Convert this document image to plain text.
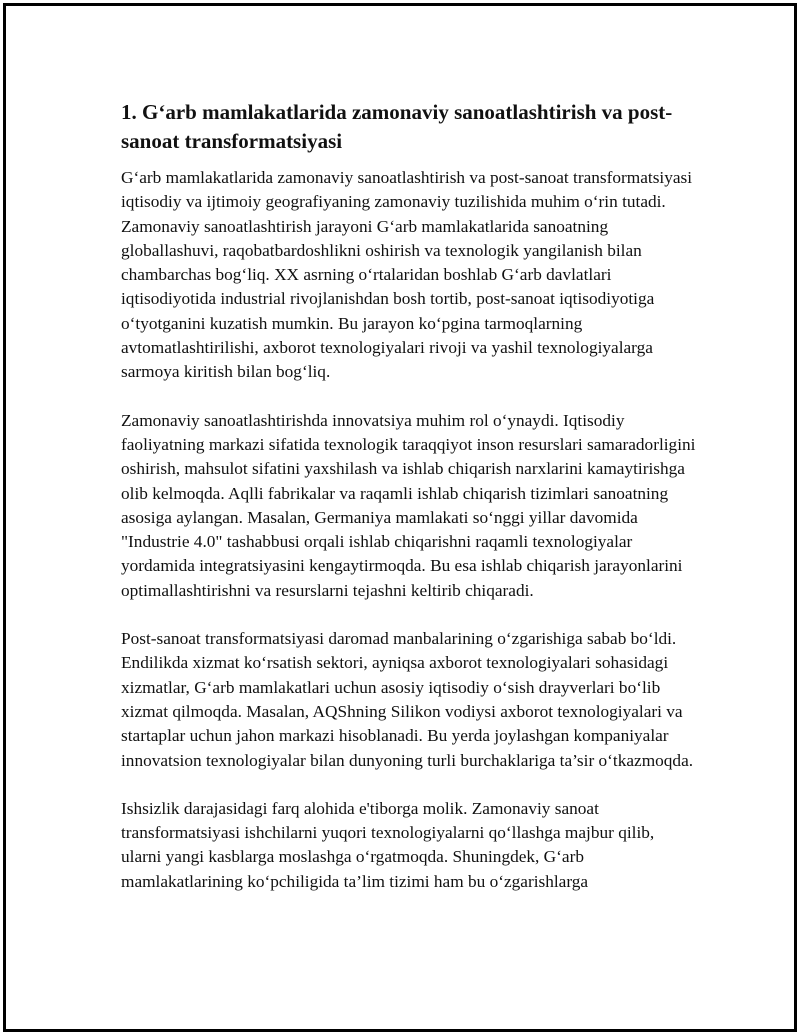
1. G‘arb mamlakatlarida zamonaviy sanoatlashtirish va post-sanoat transformatsiyasi

G‘arb mamlakatlarida zamonaviy sanoatlashtirish va post-sanoat transformatsiyasi iqtisodiy va ijtimoiy geografiyaning zamonaviy tuzilishida muhim o‘rin tutadi. Zamonaviy sanoatlashtirish jarayoni G‘arb mamlakatlarida sanoatning globallashuvi, raqobatbardoshlikni oshirish va texnologik yangilanish bilan chambarchas bog‘liq. XX asrning o‘rtalaridan boshlab G‘arb davlatlari iqtisodiyotida industrial rivojlanishdan bosh tortib, post-sanoat iqtisodiyotiga o‘tyotganini kuzatish mumkin. Bu jarayon ko‘pgina tarmoqlarning avtomatlashtirilishi, axborot texnologiyalari rivoji va yashil texnologiyalarga sarmoya kiritish bilan bog‘liq.

Zamonaviy sanoatlashtirishda innovatsiya muhim rol o‘ynaydi. Iqtisodiy faoliyatning markazi sifatida texnologik taraqqiyot inson resurslari samaradorligini oshirish, mahsulot sifatini yaxshilash va ishlab chiqarish narxlarini kamaytirishga olib kelmoqda. Aqlli fabrikalar va raqamli ishlab chiqarish tizimlari sanoatning asosiga aylangan. Masalan, Germaniya mamlakati so‘nggi yillar davomida "Industrie 4.0" tashabbusi orqali ishlab chiqarishni raqamli texnologiyalar yordamida integratsiyasini kengaytirmoqda. Bu esa ishlab chiqarish jarayonlarini optimallashtirishni va resurslarni tejashni keltirib chiqaradi.

Post-sanoat transformatsiyasi daromad manbalarining o‘zgarishiga sabab bo‘ldi. Endilikda xizmat ko‘rsatish sektori, ayniqsa axborot texnologiyalari sohasidagi xizmatlar, G‘arb mamlakatlari uchun asosiy iqtisodiy o‘sish drayverlari bo‘lib xizmat qilmoqda. Masalan, AQShning Silikon vodiysi axborot texnologiyalari va startaplar uchun jahon markazi hisoblanadi. Bu yerda joylashgan kompaniyalar innovatsion texnologiyalar bilan dunyoning turli burchaklariga ta’sir o‘tkazmoqda.

Ishsizlik darajasidagi farq alohida e'tiborga molik. Zamonaviy sanoat transformatsiyasi ishchilarni yuqori texnologiyalarni qo‘llashga majbur qilib, ularni yangi kasblarga moslashga o‘rgatmoqda. Shuningdek, G‘arb mamlakatlarining ko‘pchiligida ta’lim tizimi ham bu o‘zgarishlarga
